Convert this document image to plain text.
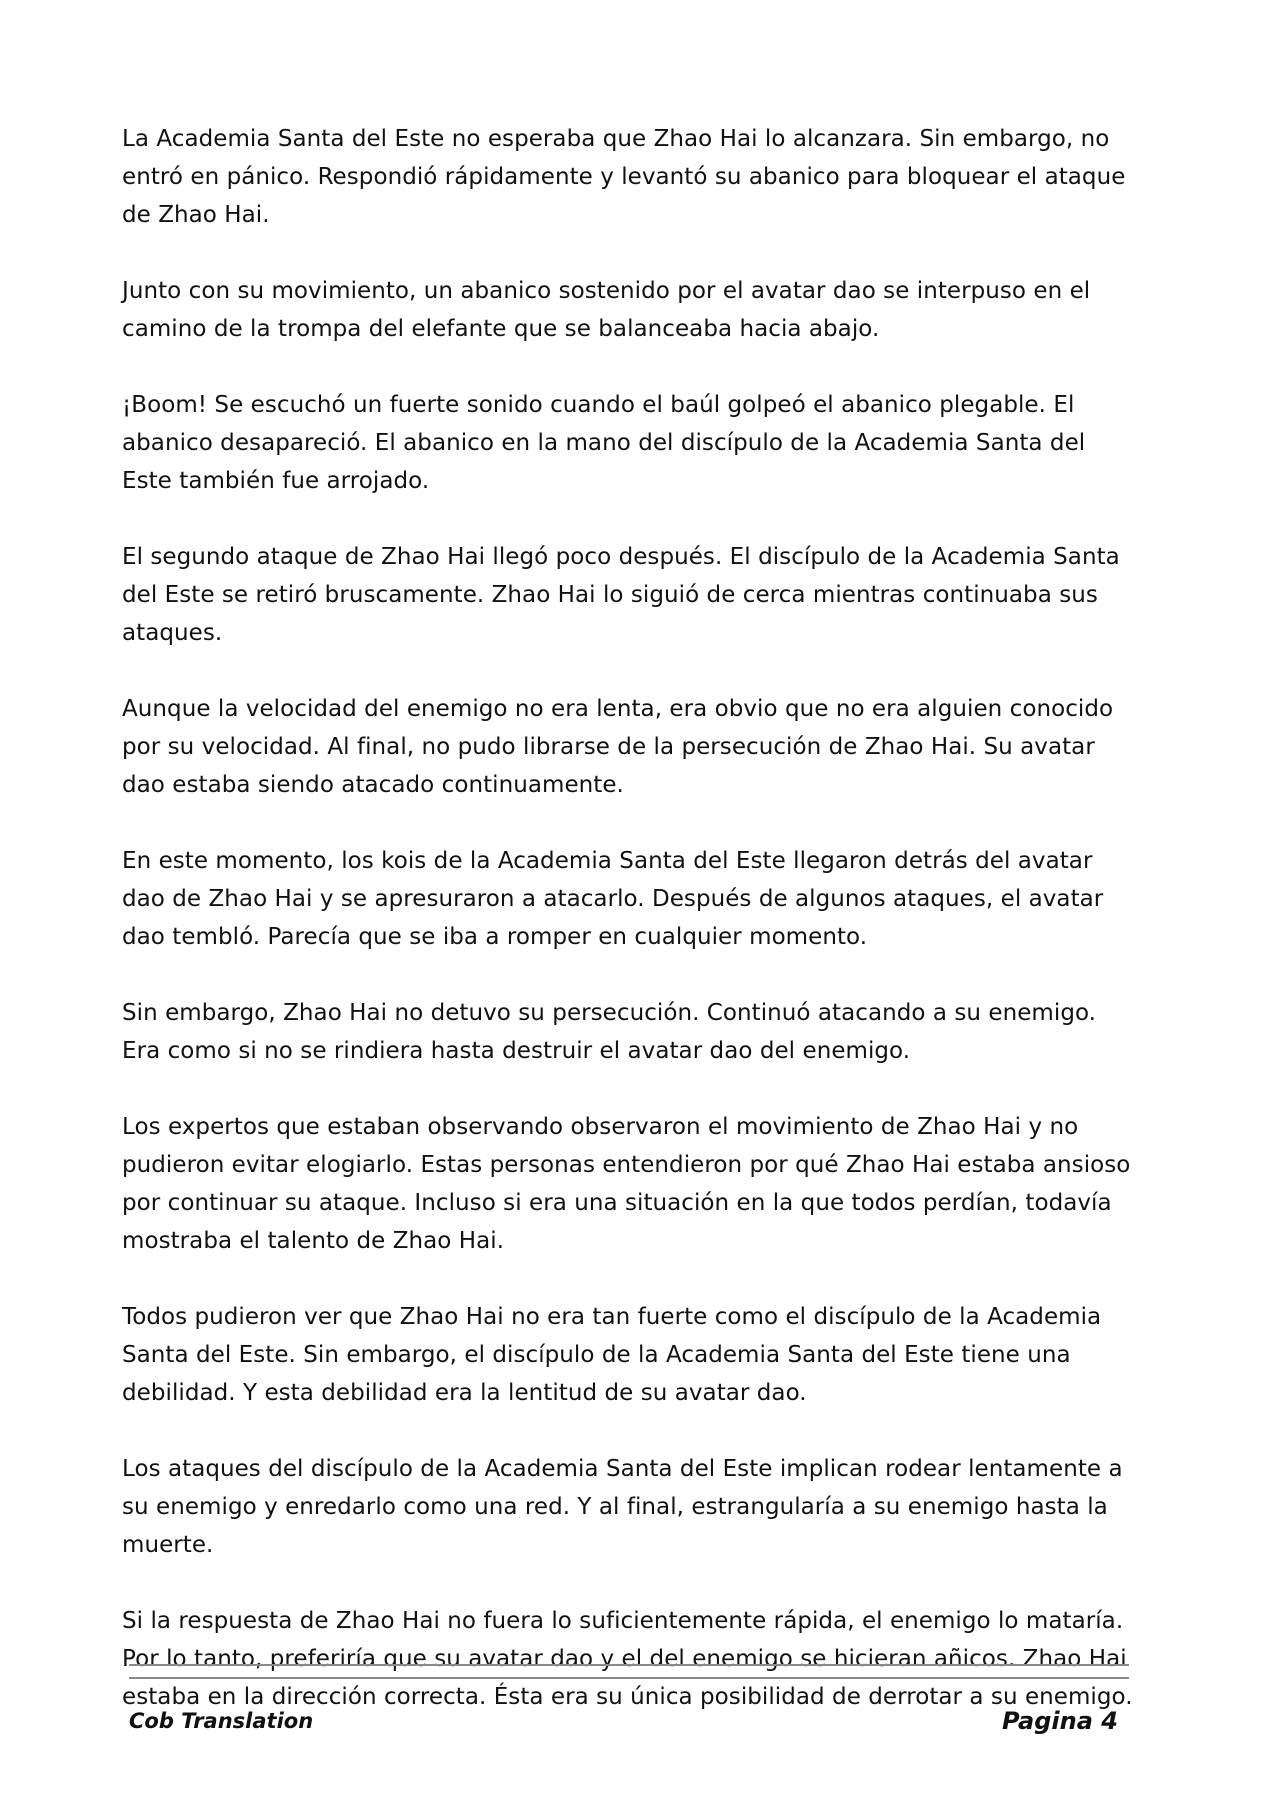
La Academia Santa del Este no esperaba que Zhao Hai lo alcanzara. Sin embargo, no entró en pánico. Respondió rápidamente y levantó su abanico para bloquear el ataque de Zhao Hai.

Junto con su movimiento, un abanico sostenido por el avatar dao se interpuso en el camino de la trompa del elefante que se balanceaba hacia abajo.

¡Boom! Se escuchó un fuerte sonido cuando el baúl golpeó el abanico plegable. El abanico desapareció. El abanico en la mano del discípulo de la Academia Santa del Este también fue arrojado.

El segundo ataque de Zhao Hai llegó poco después. El discípulo de la Academia Santa del Este se retiró bruscamente. Zhao Hai lo siguió de cerca mientras continuaba sus ataques.

Aunque la velocidad del enemigo no era lenta, era obvio que no era alguien conocido por su velocidad. Al final, no pudo librarse de la persecución de Zhao Hai. Su avatar dao estaba siendo atacado continuamente.

En este momento, los kois de la Academia Santa del Este llegaron detrás del avatar dao de Zhao Hai y se apresuraron a atacarlo. Después de algunos ataques, el avatar dao tembló. Parecía que se iba a romper en cualquier momento.

Sin embargo, Zhao Hai no detuvo su persecución. Continuó atacando a su enemigo. Era como si no se rindiera hasta destruir el avatar dao del enemigo.

Los expertos que estaban observando observaron el movimiento de Zhao Hai y no pudieron evitar elogiarlo. Estas personas entendieron por qué Zhao Hai estaba ansioso por continuar su ataque. Incluso si era una situación en la que todos perdían, todavía mostraba el talento de Zhao Hai.

Todos pudieron ver que Zhao Hai no era tan fuerte como el discípulo de la Academia Santa del Este. Sin embargo, el discípulo de la Academia Santa del Este tiene una debilidad. Y esta debilidad era la lentitud de su avatar dao.

Los ataques del discípulo de la Academia Santa del Este implican rodear lentamente a su enemigo y enredarlo como una red. Y al final, estrangularía a su enemigo hasta la muerte.

Si la respuesta de Zhao Hai no fuera lo suficientemente rápida, el enemigo lo mataría. Por lo tanto, preferiría que su avatar dao y el del enemigo se hicieran añicos. Zhao Hai estaba en la dirección correcta. Ésta era su única posibilidad de derrotar a su enemigo.

Cob Translation	Pagina 4
